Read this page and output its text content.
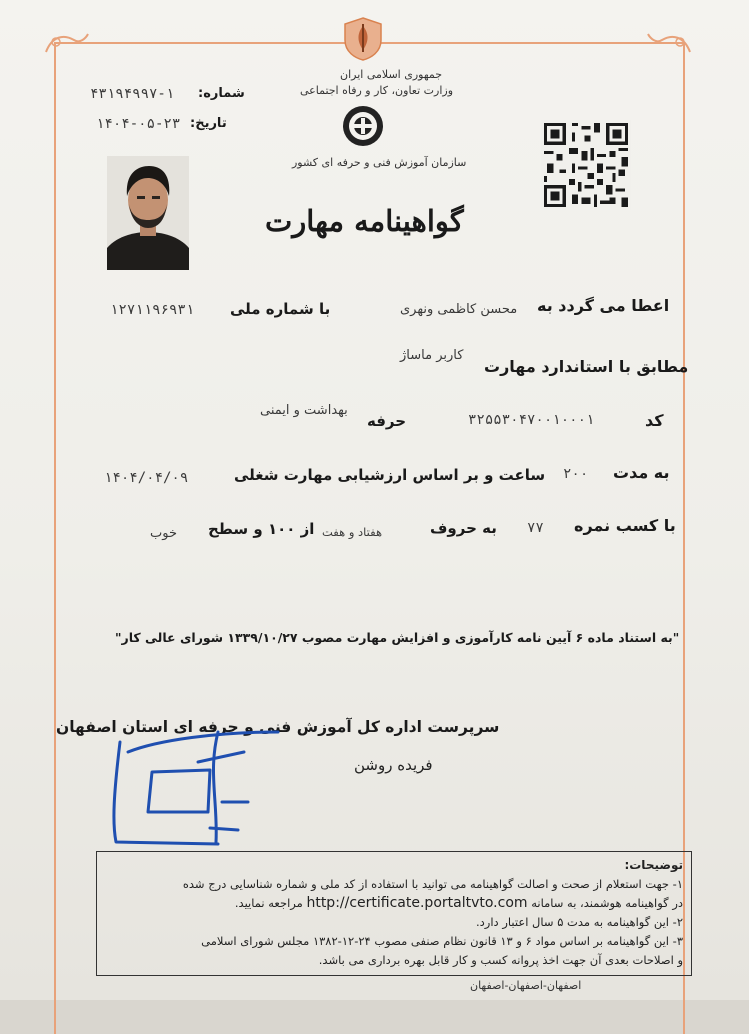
جمهوری اسلامی ایران
وزارت تعاون، کار و رفاه اجتماعی
سازمان آموزش فنی و حرفه ای کشور
شماره:
۴۳۱۹۴۹۹۷-۱
تاریخ:
۱۴۰۴-۰۵-۲۳
گواهینامه مهارت
اعطا می گردد به
محسن کاظمی ونهری
با شماره ملی
۱۲۷۱۱۹۶۹۳۱
کاربر ماساژ
مطابق با استاندارد مهارت
کد
۳۲۵۵۳۰۴۷۰۰۱۰۰۰۱
بهداشت و ایمنی
حرفه
به مدت
۲۰۰
ساعت و بر اساس ارزشیابی مهارت شغلی
۱۴۰۴/۰۴/۰۹
با کسب نمره
۷۷
به حروف
هفتاد و هفت
از ۱۰۰ و سطح
خوب
"به استناد ماده ۶ آیین نامه کارآموزی و افزایش مهارت مصوب ۱۳۳۹/۱۰/۲۷ شورای عالی کار"
سرپرست اداره کل آموزش فنی و حرفه ای استان اصفهان
فریده روشن
توضیحات:
۱- جهت استعلام از صحت و اصالت گواهینامه می توانید با استفاده از کد ملی و شماره شناسایی درج شده
در گواهینامه هوشمند، به سامانه http://certificate.portaltvto.com مراجعه نمایید.
۲- این گواهینامه به مدت ۵ سال اعتبار دارد.
۳- این گواهینامه بر اساس مواد ۶ و ۱۳ قانون نظام صنفی مصوب ۲۴-۱۲-۱۳۸۲ مجلس شورای اسلامی
و اصلاحات بعدی آن جهت اخذ پروانه کسب و کار قابل بهره برداری می باشد.
اصفهان-اصفهان-اصفهان
